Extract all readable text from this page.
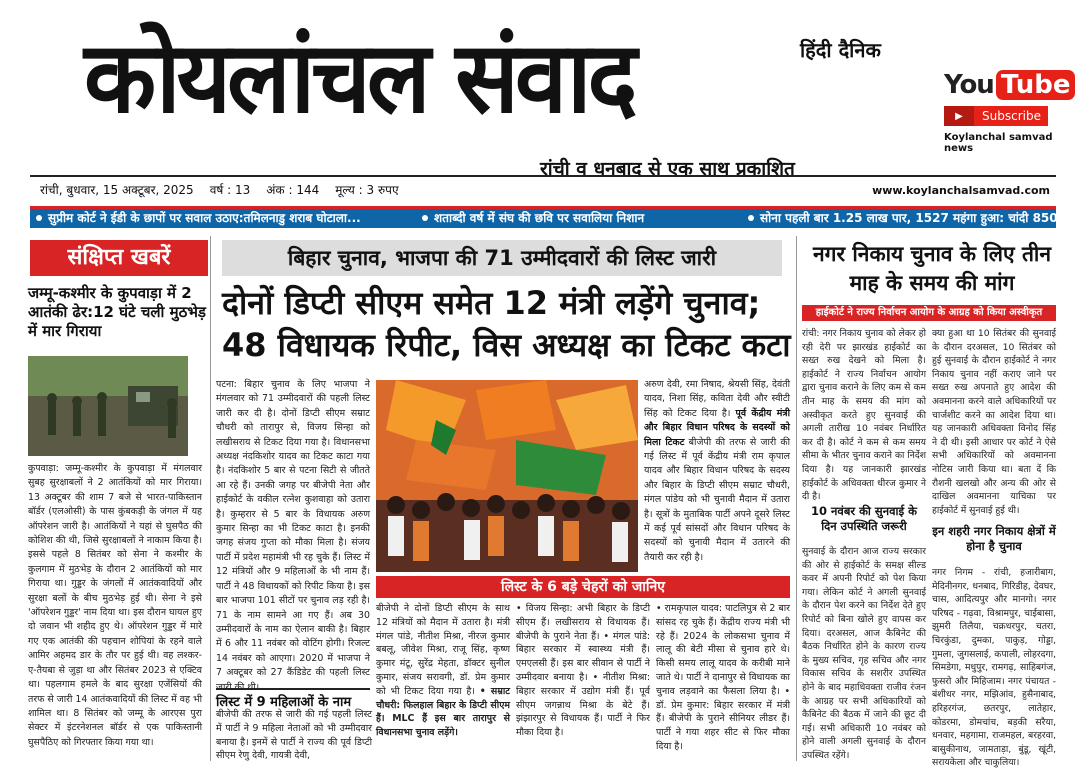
हिंदी दैनिक
कोयलांचल संवाद
रांची व धनबाद से एक साथ प्रकाशित
You Tube
▶	Subscribe
Koylanchal samvad news
रांची, बुधवार, 15 अक्टूबर, 2025 वर्ष : 13 अंक : 144 मूल्य : 3 रुपए	www.koylanchalsamvad.com
सुप्रीम कोर्ट ने ईडी के छापों पर सवाल उठाए:तमिलनाडु शराब घोटाला...	शताब्दी वर्ष में संघ की छवि पर सवालिया निशान	सोना पहली बार 1.25 लाख पार, 1527 महंगा हुआ: चांदी 850...
संक्षिप्त खबरें
जम्मू-कश्मीर के कुपवाड़ा में 2 आतंकी ढेर:12 घंटे चली मुठभेड़ में मार गिराया
कुपवाड़ा: जम्मू-कश्मीर के कुपवाड़ा में मंगलवार सुबह सुरक्षाबलों ने 2 आतंकियों को मार गिराया। 13 अक्टूबर की शाम 7 बजे से भारत-पाकिस्तान बॉर्डर (एलओसी) के पास कुंबकड़ी के जंगल में यह ऑपरेशन जारी है। आतंकियों ने यहां से घुसपैठ की कोशिश की थी, जिसे सुरक्षाबलों ने नाकाम किया है। इससे पहले 8 सितंबर को सेना ने कश्मीर के कुलगाम में मुठभेड़ के दौरान 2 आतंकियों को मार गिराया था। गुड्डर के जंगलों में आतंकवादियों और सुरक्षा बलों के बीच मुठभेड़ हुई थी। सेना ने इसे 'ऑपरेशन गुड्डर' नाम दिया था। इस दौरान घायल हुए दो जवान भी शहीद हुए थे। ऑपरेशन गुड्डर में मारे गए एक आतंकी की पहचान शोपियां के रहने वाले आमिर अहमद डार के तौर पर हुई थी। वह लश्कर-ए-तैयबा से जुड़ा था और सितंबर 2023 से एक्टिव था। पहलगाम हमले के बाद सुरक्षा एजेंसियों की तरफ से जारी 14 आतंकवादियों की लिस्ट में वह भी शामिल था। 8 सितंबर को जम्मू के आरएस पुरा सेक्टर में इंटरनेशनल बॉर्डर से एक पाकिस्तानी घुसपैठिए को गिरफ्तार किया गया था।
बिहार चुनाव, भाजपा की 71 उम्मीदवारों की लिस्ट जारी
दोनों डिप्टी सीएम समेत 12 मंत्री लड़ेंगे चुनाव; 48 विधायक रिपीट, विस अध्यक्ष का टिकट कटा
पटना: बिहार चुनाव के लिए भाजपा ने मंगलवार को 71 उम्मीदवारों की पहली लिस्ट जारी कर दी है। दोनों डिप्टी सीएम सम्राट चौधरी को तारापुर से, विजय सिन्हा को लखीसराय से टिकट दिया गया है। विधानसभा अध्यक्ष नंदकिशोर यादव का टिकट काटा गया है। नंदकिशोर 5 बार से पटना सिटी से जीतते आ रहे हैं। उनकी जगह पर बीजेपी नेता और हाईकोर्ट के वकील रत्नेश कुशवाहा को उतारा है। कुम्हरार से 5 बार के विधायक अरुण कुमार सिन्हा का भी टिकट काटा है। इनकी जगह संजय गुप्ता को मौका मिला है। संजय पार्टी में प्रदेश महामंत्री भी रह चुके हैं। लिस्ट में 12 मंत्रियों और 9 महिलाओं के भी नाम हैं। पार्टी ने 48 विधायकों को रिपीट किया है। इस बार भाजपा 101 सीटों पर चुनाव लड़ रही है। 71 के नाम सामने आ गए हैं। अब 30 उम्मीदवारों के नाम का ऐलान बाकी है। बिहार में 6 और 11 नवंबर को वोटिंग होगी। रिजल्ट 14 नवंबर को आएगा। 2020 में भाजपा ने 7 अक्टूबर को 27 कैंडिडेट की पहली लिस्ट जारी की थी।
अरुण देवी, रमा निषाद, श्रेयसी सिंह, देवंती यादव, निशा सिंह, कविता देवी और स्वीटी सिंह को टिकट दिया है। पूर्व केंद्रीय मंत्री और बिहार विधान परिषद के सदस्यों को मिला टिकट बीजेपी की तरफ से जारी की गई लिस्ट में पूर्व केंद्रीय मंत्री राम कृपाल यादव और बिहार विधान परिषद के सदस्य और बिहार के डिप्टी सीएम सम्राट चौधरी, मंगल पांडेय को भी चुनावी मैदान में उतारा है। सूत्रों के मुताबिक पार्टी अपने दूसरे लिस्ट में कई पूर्व सांसदों और विधान परिषद के सदस्यों को चुनावी मैदान में उतारने की तैयारी कर रही है।
लिस्ट के 6 बड़े चेहरों को जानिए
बीजेपी ने दोनों डिप्टी सीएम के साथ 12 मंत्रियों को मैदान में उतारा है। मंत्री मंगल पांडे, नीतीश मिश्रा, नीरज कुमार बबलू, जीवेश मिश्रा, राजू सिंह, कृष्ण कुमार मंटू, सुरेंद्र मेहता, डॉक्टर सुनील कुमार, संजय सरावगी, डॉ. प्रेम कुमार को भी टिकट दिया गया है। • सम्राट चौधरी: फिलहाल बिहार के डिप्टी सीएम हैं। MLC हैं इस बार तारापुर से विधानसभा चुनाव लड़ेंगे।
• विजय सिन्हा: अभी बिहार के डिप्टी सीएम हैं। लखीसराय से विधायक हैं। बीजेपी के पुराने नेता हैं। • मंगल पांडे: बिहार सरकार में स्वास्थ्य मंत्री हैं। एमएलसी हैं। इस बार सीवान से पार्टी ने उम्मीदवार बनाया है। • नीतीश मिश्रा: बिहार सरकार में उद्योग मंत्री हैं। पूर्व सीएम जगन्नाथ मिश्रा के बेटे हैं। झंझारपुर से विधायक हैं। पार्टी ने फिर मौका दिया है।
• रामकृपाल यादव: पाटलिपुत्र से 2 बार सांसद रह चुके हैं। केंद्रीय राज्य मंत्री भी रहे हैं। 2024 के लोकसभा चुनाव में लालू की बेटी मीसा से चुनाव हारे थे। किसी समय लालू यादव के करीबी माने जाते थे। पार्टी ने दानापुर से विधायक का चुनाव लड़वाने का फैसला लिया है। • डॉ. प्रेम कुमार: बिहार सरकार में मंत्री हैं। बीजेपी के पुराने सीनियर लीडर हैं। पार्टी ने गया शहर सीट से फिर मौका दिया है।
लिस्ट में 9 महिलाओं के नाम
बीजेपी की तरफ से जारी की गई पहली लिस्ट में पार्टी ने 9 महिला नेताओं को भी उम्मीदवार बनाया है। इनमें से पार्टी ने राज्य की पूर्व डिप्टी सीएम रेणु देवी, गायत्री देवी,
नगर निकाय चुनाव के लिए तीन माह के समय की मांग
हाईकोर्ट ने राज्य निर्वाचन आयोग के आग्रह को किया अस्वीकृत
रांची: नगर निकाय चुनाव को लेकर हो रही देरी पर झारखंड हाईकोर्ट का सख्त रुख देखने को मिला है। हाईकोर्ट ने राज्य निर्वाचन आयोग द्वारा चुनाव कराने के लिए कम से कम तीन माह के समय की मांग को अस्वीकृत करते हुए सुनवाई की अगली तारीख 10 नवंबर निर्धारित कर दी है। कोर्ट ने कम से कम समय सीमा के भीतर चुनाव कराने का निर्देश दिया है। यह जानकारी झारखंड हाईकोर्ट के अधिवक्ता धीरज कुमार ने दी है।
क्या हुआ था 10 सितंबर की सुनवाई के दौरान दरअसल, 10 सितंबर को हुई सुनवाई के दौरान हाईकोर्ट ने नगर निकाय चुनाव नहीं कराए जाने पर सख्त रुख अपनाते हुए आदेश की अवमानना करने वाले अधिकारियों पर चार्जशीट करने का आदेश दिया था। यह जानकारी अधिवक्ता विनोद सिंह ने दी थी। इसी आधार पर कोर्ट ने ऐसे सभी अधिकारियों को अवमानना नोटिस जारी किया था। बता दें कि रौशनी खलखो और अन्य की ओर से दाखिल अवमानना याचिका पर हाईकोर्ट में सुनवाई हुई थी।
10 नवंबर की सुनवाई के दिन उपस्थिति जरूरी
सुनवाई के दौरान आज राज्य सरकार की ओर से हाईकोर्ट के समक्ष सील्ड कवर में अपनी रिपोर्ट को पेश किया गया। लेकिन कोर्ट ने अगली सुनवाई के दौरान पेश करने का निर्देश देते हुए रिपोर्ट को बिना खोले हुए वापस कर दिया। दरअसल, आज कैबिनेट की बैठक निर्धारित होने के कारण राज्य के मुख्य सचिव, गृह सचिव और नगर विकास सचिव के सशरीर उपस्थित होने के बाद महाधिवक्ता राजीव रंजन के आग्रह पर सभी अधिकारियों को कैबिनेट की बैठक में जाने की छूट दी गई। सभी अधिकारी 10 नवंबर को होने वाली अगली सुनवाई के दौरान उपस्थित रहेंगे।
इन शहरी नगर निकाय क्षेत्रों में होना है चुनाव
नगर निगम - रांची, हजारीबाग, मेदिनीनगर, धनबाद, गिरिडीह, देवघर, चास, आदित्यपुर और मानगो। नगर परिषद - गढ़वा, विश्रामपुर, चाईबासा, झुमरी तिलैया, चक्रधरपुर, चतरा, चिरकुंडा, दुमका, पाकुड़, गोड्डा, गुमला, जुगसलाई, कपाली, लोहरदगा, सिमडेगा, मधुपुर, रामगढ़, साहिबगंज, फुसरो और मिहिजाम। नगर पंचायत - बंशीधर नगर, मझिआंव, हुसैनाबाद, हरिहरगंज, छतरपुर, लातेहार, कोडरमा, डोमचांच, बड़की सरैया, धनवार, महगामा, राजमहल, बरहरवा, बासुकीनाथ, जामताड़ा, बुंडू, खूंटी, सरायकेला और चाकुलिया।
